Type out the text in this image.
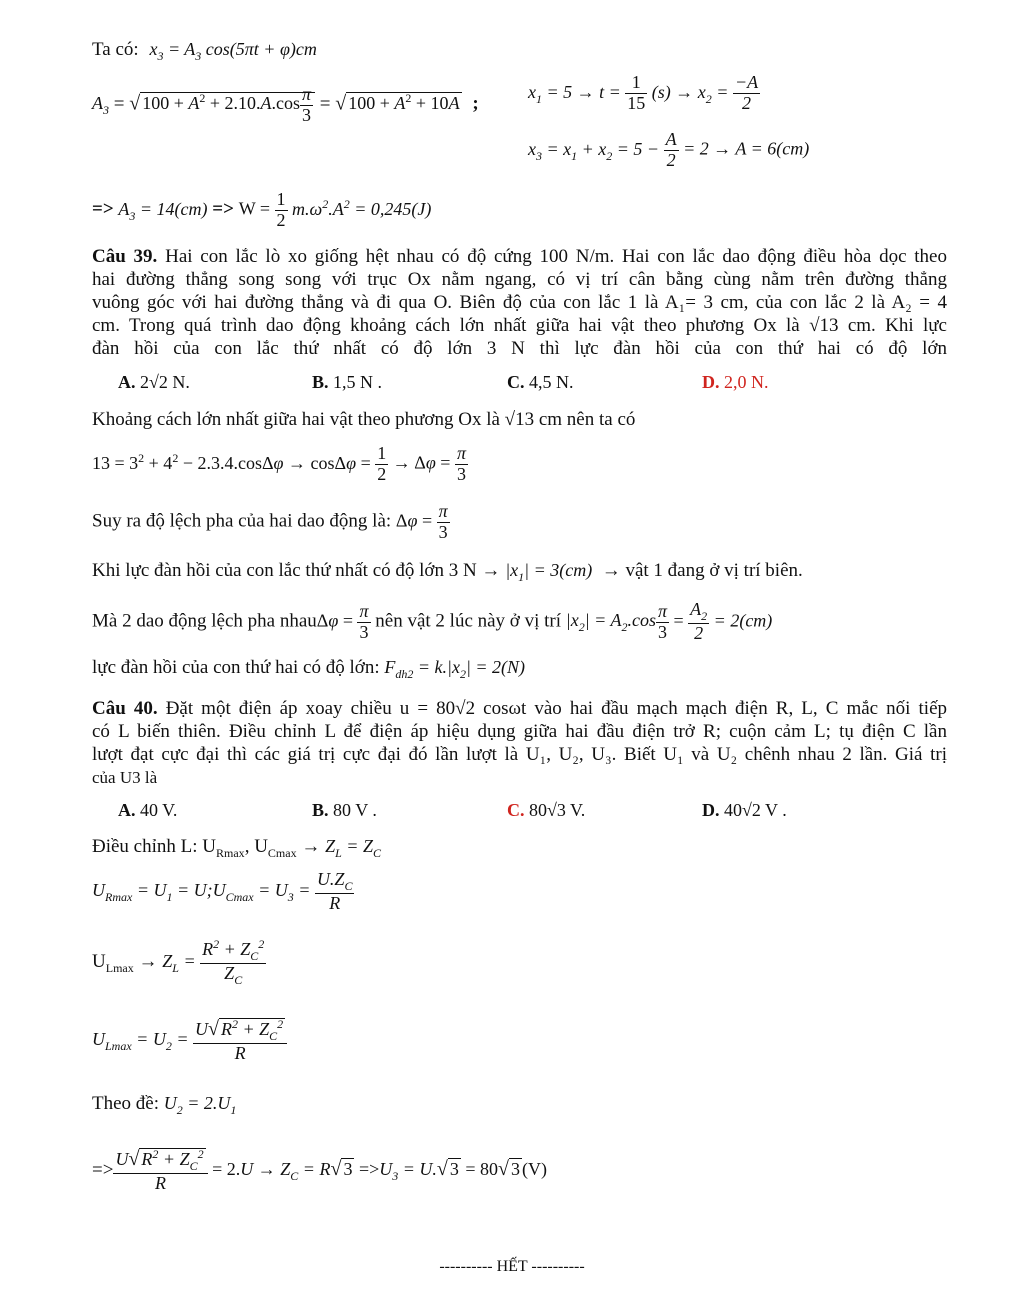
Ta có: $x_3 = A_3$ cos(5πt + φ)cm
$A_3$ = √ $100 + A^2 + 2.10.A.\cos \frac{\pi}{3}$ = √ $100 + A^2 + 10A$ ;
$x_1 = 5 \to t = \frac{1}{15} (s) \to x_2 = \frac{-A}{2}$
$x_3 = x_1 + x_2 = 5 - \frac{A}{2} = 2 \to A = 6(cm)$
=> $A_3 = 14(cm) => W = \frac{1}{2} m.\omega^2.A^2 = 0,245(J)$
Câu 39. Hai con lắc lò xo giống hệt nhau có độ cứng 100 N/m. Hai con lắc dao động điều hòa dọc theo
hai đường thẳng song song với trục Ox nằm ngang, có vị trí cân bằng cùng nằm trên đường thẳng
vuông góc với hai đường thẳng và đi qua O. Biên độ của con lắc 1 là A₁= 3 cm, của con lắc 2 là A₂ = 4
cm. Trong quá trình dao động khoảng cách lớn nhất giữa hai vật theo phương Ox là √13 cm. Khi lực
đàn hồi của con lắc thứ nhất có độ lớn 3 N thì lực đàn hồi của con thứ hai có độ lớn
A. 2√2 N.	B. 1,5 N .	C. 4,5 N.	D. 2,0 N.
Khoảng cách lớn nhất giữa hai vật theo phương Ox là √13 cm nên ta có
$13 = 3^2 + 4^2 - 2.3.4.\cos\Delta\varphi \to \cos\Delta\varphi = \frac{1}{2} \to \Delta\varphi = \frac{\pi}{3}$
Suy ra độ lệch pha của hai dao động là: $\Delta\varphi = \frac{\pi}{3}$
Khi lực đàn hồi của con lắc thứ nhất có độ lớn 3 $N \to |x_1| = 3(cm)$  → vật 1 đang ở vị trí biên.
Mà 2 dao động lệch pha nhauΔφ = $\frac{\pi}{3}$ nên vật 2 lúc này ở vị trí $|x_2| = A_2.\cos \frac{\pi}{3} = \frac{A_2}{2} = 2(cm)$
lực đàn hồi của con thứ hai có độ lớn: $F_{dh2} = k.|x_2| = 2(N)$
Câu 40. Đặt một điện áp xoay chiều u = 80√2 cosωt vào hai đầu mạch mạch điện R, L, C mắc nối tiếp
có L biến thiên. Điều chỉnh L để điện áp hiệu dụng giữa hai đầu điện trở R; cuộn cảm L; tụ điện C lần
lượt đạt cực đại thì các giá trị cực đại đó lần lượt là U₁, U₂, U₃. Biết U₁ và U₂ chênh nhau 2 lần. Giá trị
của U3 là
A. 40 V.	B. 80 V .	C. 80√3 V.	D. 40√2 V .
Điều chỉnh L: $U_{Rmax}$, $U_{Cmax} \to Z_L = Z_C$
$U_{Rmax} = U_1$ = $U;U_{Cmax} = U_3 = \frac{U.Z_C}{R}$
$U_{Lmax} \to Z_L = \frac{R^2 + Z_C^2}{Z_C}$
$U_{Lmax} = U_2 = \frac{U√ R^2 + Z_C^2}{R}$
Theo đề: $U_2 = 2.U_1$
=> $\frac{U√ R^2 + Z_C^2}{R} = 2.U \to Z_C = R√$ $3 =>U_3 = U.√$ 3 = 80√ 3 (V)
---------- HẾT ----------
